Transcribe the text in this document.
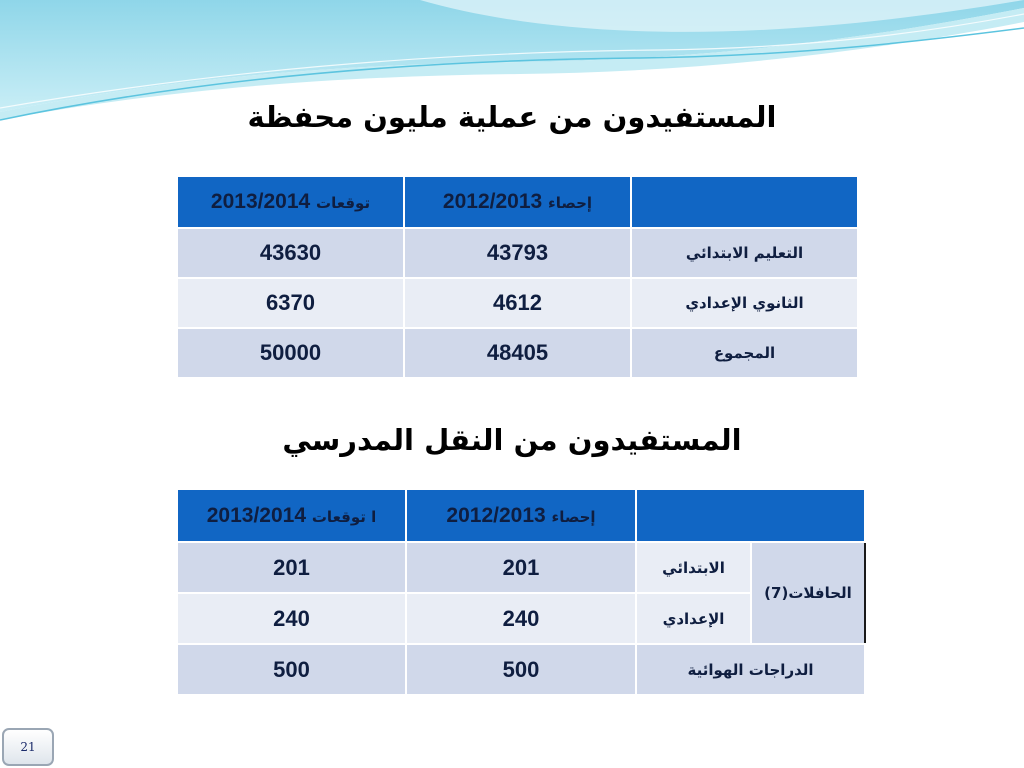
المستفيدون من عملية مليون محفظة
	إحصاء 2012/2013	توقعات 2013/2014
التعليم الابتدائي	43793	43630
الثانوي الإعدادي	4612	6370
المجموع	48405	50000
المستفيدون من النقل المدرسي
		إحصاء 2012/2013	ا توقعات 2013/2014
الحافلات(7)	الابتدائي	201	201
	الإعدادي	240	240
الدراجات الهوائية		500	500
21
